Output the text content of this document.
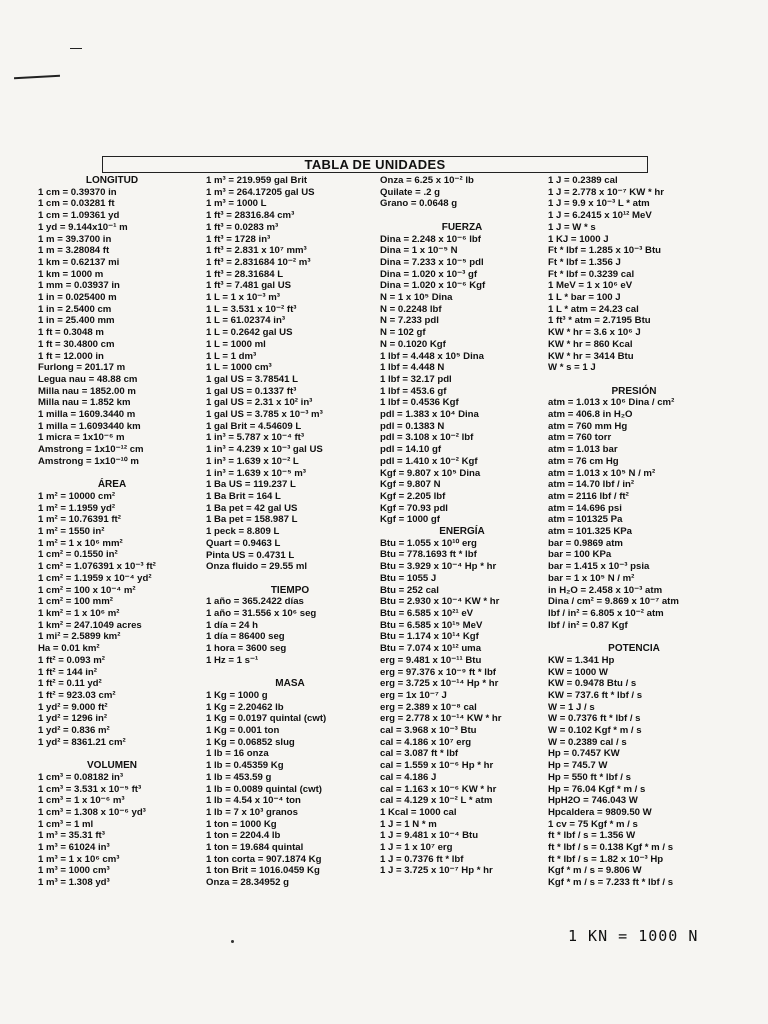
TABLA DE UNIDADES
LONGITUD
1 cm = 0.39370 in
1 cm = 0.03281 ft
1 cm = 1.09361 yd
1 yd = 9.144x10⁻¹ m
1 m = 39.3700 in
1 m = 3.28084 ft
1 km = 0.62137 mi
1 km = 1000 m
1 mm = 0.03937 in
1 in = 0.025400 m
1 in = 2.5400 cm
1 in = 25.400 mm
1 ft = 0.3048 m
1 ft = 30.4800 cm
1 ft = 12.000 in
Furlong = 201.17 m
Legua nau = 48.88 cm
Milla nau = 1852.00 m
Milla nau = 1.852 km
1 milla = 1609.3440 m
1 milla = 1.6093440 km
1 micra = 1x10⁻⁶ m
Amstrong = 1x10⁻¹² cm
Amstrong = 1x10⁻¹⁰ m
ÁREA
1 m² = 10000 cm²
1 m² = 1.1959 yd²
1 m² = 10.76391 ft²
1 m² = 1550 in²
1 m² = 1 x 10⁶ mm²
1 cm² = 0.1550 in²
1 cm² = 1.076391 x 10⁻³ ft²
1 cm² = 1.1959 x 10⁻⁴ yd²
1 cm² = 100 x 10⁻⁴ m²
1 cm² = 100 mm²
1 km² = 1 x 10⁶ m²
1 km² = 247.1049 acres
1 mi² = 2.5899 km²
Ha = 0.01 km²
1 ft² = 0.093 m²
1 ft² = 144 in²
1 ft² = 0.11 yd²
1 ft² = 923.03 cm²
1 yd² = 9.000 ft²
1 yd² = 1296 in²
1 yd² = 0.836 m²
1 yd² = 8361.21 cm²
VOLUMEN
1 cm³ = 0.08182 in³
1 cm³ = 3.531 x 10⁻⁵ ft³
1 cm³ = 1 x 10⁻⁶ m³
1 cm³ = 1.308 x 10⁻⁶ yd³
1 cm³ = 1 ml
1 m³ = 35.31 ft³
1 m³ = 61024 in³
1 m³ = 1 x 10⁶ cm³
1 m³ = 1000 cm³
1 m³ = 1.308 yd³
1 m³ = 219.959 gal Brit
1 m³ = 264.17205 gal US
1 m³ = 1000 L
1 ft³ = 28316.84 cm³
1 ft³ = 0.0283 m³
1 ft³ = 1728 in³
1 ft³ = 2.831 x 10⁷ mm³
1 ft³ = 2.831684 10⁻² m³
1 ft³ = 28.31684 L
1 ft³ = 7.481 gal US
1 L = 1 x 10⁻³ m³
1 L = 3.531 x 10⁻² ft³
1 L = 61.02374 in³
1 L = 0.2642 gal US
1 L = 1000 ml
1 L = 1 dm³
1 L = 1000 cm³
1 gal US = 3.78541 L
1 gal US = 0.1337 ft³
1 gal US = 2.31 x 10² in³
1 gal US = 3.785 x 10⁻³ m³
1 gal Brit = 4.54609 L
1 in³ = 5.787 x 10⁻⁴ ft³
1 in³ = 4.239 x 10⁻³ gal US
1 in³ = 1.639 x 10⁻² L
1 in³ = 1.639 x 10⁻⁵ m³
1 Ba US = 119.237 L
1 Ba Brit = 164 L
1 Ba pet = 42 gal US
1 Ba pet = 158.987 L
1 peck = 8.809 L
Quart = 0.9463 L
Pinta US = 0.4731 L
Onza fluido = 29.55 ml
TIEMPO
1 año = 365.2422 días
1 año = 31.556 x 10⁶ seg
1 día = 24 h
1 día = 86400 seg
1 hora = 3600 seg
1 Hz = 1 s⁻¹
MASA
1 Kg = 1000 g
1 Kg = 2.20462 lb
1 Kg = 0.0197 quintal (cwt)
1 Kg = 0.001 ton
1 Kg = 0.06852 slug
1 lb = 16 onza
1 lb = 0.45359 Kg
1 lb = 453.59 g
1 lb = 0.0089 quintal (cwt)
1 lb = 4.54 x 10⁻⁴ ton
1 lb = 7 x 10³ granos
1 ton = 1000 Kg
1 ton = 2204.4 lb
1 ton = 19.684 quintal
1 ton corta = 907.1874 Kg
1 ton Brit = 1016.0459 Kg
Onza = 28.34952 g
Onza = 6.25 x 10⁻² lb
Quilate = .2 g
Grano = 0.0648 g
FUERZA
Dina = 2.248 x 10⁻⁶ lbf
Dina = 1 x 10⁻⁵ N
Dina = 7.233 x 10⁻⁵ pdl
Dina = 1.020 x 10⁻³ gf
Dina = 1.020 x 10⁻⁶ Kgf
N = 1 x 10⁵ Dina
N = 0.2248 lbf
N = 7.233 pdl
N = 102 gf
N = 0.1020 Kgf
1 lbf = 4.448 x 10⁵ Dina
1 lbf = 4.448 N
1 lbf = 32.17 pdl
1 lbf = 453.6 gf
1 lbf = 0.4536 Kgf
pdl = 1.383 x 10⁴ Dina
pdl = 0.1383 N
pdl = 3.108 x 10⁻² lbf
pdl = 14.10 gf
pdl = 1.410 x 10⁻² Kgf
Kgf = 9.807 x 10⁵ Dina
Kgf = 9.807 N
Kgf = 2.205 lbf
Kgf = 70.93 pdl
Kgf = 1000 gf
ENERGÍA
Btu = 1.055 x 10¹⁰ erg
Btu = 778.1693 ft * lbf
Btu = 3.929 x 10⁻⁴ Hp * hr
Btu = 1055 J
Btu = 252 cal
Btu = 2.930 x 10⁻⁴ KW * hr
Btu = 6.585 x 10²¹ eV
Btu = 6.585 x 10¹⁵ MeV
Btu = 1.174 x 10¹⁴ Kgf
Btu = 7.074 x 10¹² uma
erg = 9.481 x 10⁻¹¹ Btu
erg = 97.376 x 10⁻⁹ ft * lbf
erg = 3.725 x 10⁻¹⁴ Hp * hr
erg = 1x 10⁻⁷ J
erg = 2.389 x 10⁻⁸ cal
erg = 2.778 x 10⁻¹⁴ KW * hr
cal = 3.968 x 10⁻³ Btu
cal = 4.186 x 10⁷ erg
cal = 3.087 ft * lbf
cal = 1.559 x 10⁻⁶ Hp * hr
cal = 4.186 J
cal = 1.163 x 10⁻⁶ KW * hr
cal = 4.129 x 10⁻² L * atm
1 Kcal = 1000 cal
1 J = 1 N * m
1 J = 9.481 x 10⁻⁴ Btu
1 J = 1 x 10⁷ erg
1 J = 0.7376 ft * lbf
1 J = 3.725 x 10⁻⁷ Hp * hr
1 J = 0.2389 cal
1 J = 2.778 x 10⁻⁷ KW * hr
1 J = 9.9 x 10⁻³ L * atm
1 J = 6.2415 x 10¹² MeV
1 J = W * s
1 KJ = 1000 J
Ft * lbf = 1.285 x 10⁻³ Btu
Ft * lbf = 1.356 J
Ft * lbf = 0.3239 cal
1 MeV = 1 x 10⁶ eV
1 L * bar = 100 J
1 L * atm = 24.23 cal
1 ft³ * atm = 2.7195 Btu
KW * hr = 3.6 x 10⁶ J
KW * hr = 860 Kcal
KW * hr = 3414 Btu
W * s = 1 J
PRESIÓN
atm = 1.013 x 10⁶ Dina / cm²
atm = 406.8 in H₂O
atm = 760 mm Hg
atm = 760 torr
atm = 1.013 bar
atm = 76 cm Hg
atm = 1.013 x 10⁵ N / m²
atm = 14.70 lbf / in²
atm = 2116 lbf / ft²
atm = 14.696 psi
atm = 101325 Pa
atm = 101.325 KPa
bar = 0.9869 atm
bar = 100 KPa
bar = 1.415 x 10⁻³ psia
bar = 1 x 10⁵ N / m²
in H₂O = 2.458 x 10⁻³ atm
Dina / cm² = 9.869 x 10⁻⁷ atm
lbf / in² = 6.805 x 10⁻² atm
lbf / in² = 0.87 Kgf
POTENCIA
KW = 1.341 Hp
KW = 1000 W
KW = 0.9478 Btu / s
KW = 737.6 ft * lbf / s
W = 1 J / s
W = 0.7376 ft * lbf / s
W = 0.102 Kgf * m / s
W = 0.2389 cal / s
Hp = 0.7457 KW
Hp = 745.7 W
Hp = 550 ft * lbf / s
Hp = 76.04 Kgf * m / s
HpH2O = 746.043 W
Hpcaldera = 9809.50 W
1 cv = 75 Kgf * m / s
ft * lbf / s = 1.356 W
ft * lbf / s = 0.138 Kgf * m / s
ft * lbf / s = 1.82 x 10⁻³ Hp
Kgf * m / s = 9.806 W
Kgf * m / s = 7.233 ft * lbf / s
1 KN = 1000 N
